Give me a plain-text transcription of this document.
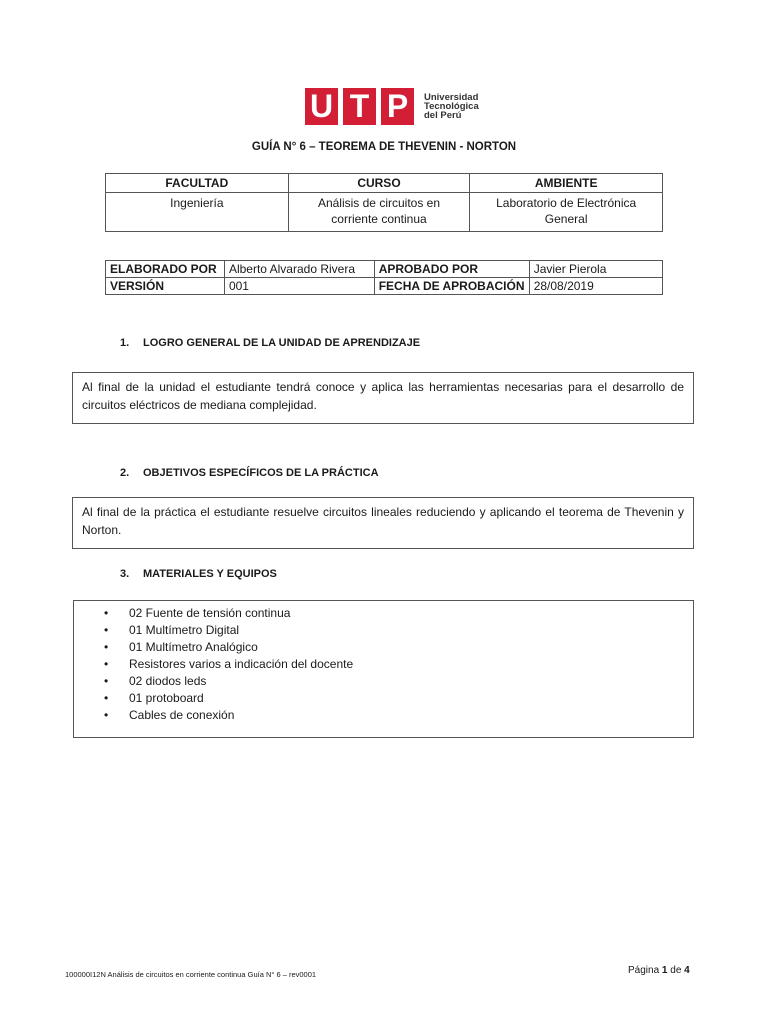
U T P	Universidad
Tecnológica
del Perú
GUÍA N° 6 – TEOREMA DE THEVENIN - NORTON
FACULTAD	CURSO	AMBIENTE
Ingeniería	Análisis de circuitos en corriente continua	Laboratorio de Electrónica General
ELABORADO POR	Alberto Alvarado Rivera	APROBADO POR	Javier Pierola
VERSIÓN	001	FECHA DE APROBACIÓN	28/08/2019
1. LOGRO GENERAL DE LA UNIDAD DE APRENDIZAJE
Al final de la unidad el estudiante tendrá conoce y aplica las herramientas necesarias para el desarrollo de circuitos eléctricos de mediana complejidad.
2. OBJETIVOS ESPECÍFICOS DE LA PRÁCTICA
Al final de la práctica el estudiante resuelve circuitos lineales reduciendo y aplicando el teorema de Thevenin y Norton.
3. MATERIALES Y EQUIPOS
• 02 Fuente de tensión continua
• 01 Multímetro Digital
• 01 Multímetro Analógico
• Resistores varios a indicación del docente
• 02 diodos leds
• 01 protoboard
• Cables de conexión
100000I12N Análisis de circuitos en corriente continua Guía N° 6 – rev0001	Página 1 de 4
